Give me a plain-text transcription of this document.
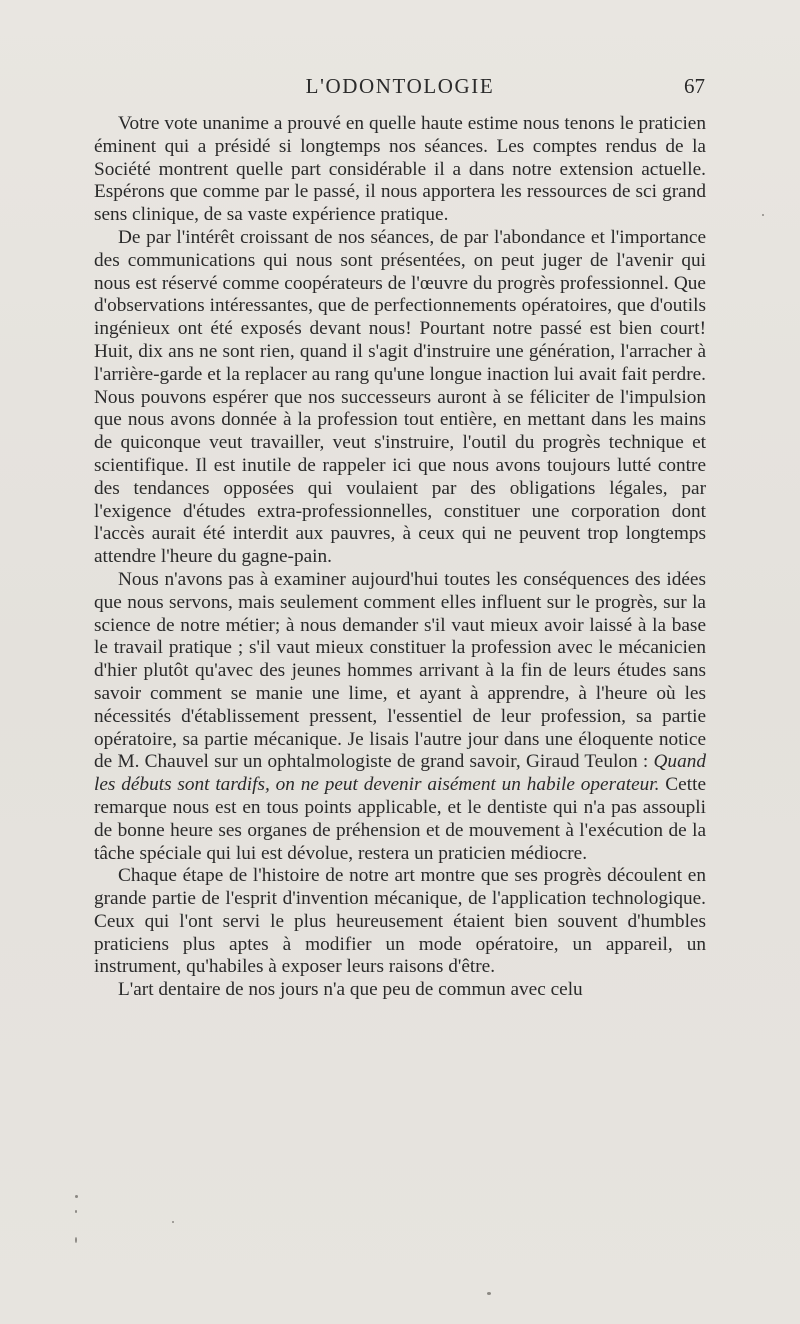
L'ODONTOLOGIE	67

Votre vote unanime a prouvé en quelle haute estime nous tenons le praticien éminent qui a présidé si longtemps nos séances. Les comptes rendus de la Société montrent quelle part considérable il a dans notre extension actuelle. Espérons que comme par le passé, il nous apportera les ressources de sci grand sens clinique, de sa vaste expérience pratique.

De par l'intérêt croissant de nos séances, de par l'abondance et l'importance des communications qui nous sont présentées, on peut juger de l'avenir qui nous est réservé comme coopérateurs de l'œuvre du progrès professionnel. Que d'observations intéressantes, que de perfectionnements opératoires, que d'outils ingénieux ont été exposés devant nous! Pourtant notre passé est bien court! Huit, dix ans ne sont rien, quand il s'agit d'instruire une génération, l'arracher à l'arrière-garde et la replacer au rang qu'une longue inaction lui avait fait perdre. Nous pouvons espérer que nos successeurs auront à se féliciter de l'impulsion que nous avons donnée à la profession tout entière, en mettant dans les mains de quiconque veut travailler, veut s'instruire, l'outil du progrès technique et scientifique. Il est inutile de rappeler ici que nous avons toujours lutté contre des tendances opposées qui voulaient par des obligations légales, par l'exigence d'études extra-professionnelles, constituer une corporation dont l'accès aurait été interdit aux pauvres, à ceux qui ne peuvent trop longtemps attendre l'heure du gagne-pain.

Nous n'avons pas à examiner aujourd'hui toutes les conséquences des idées que nous servons, mais seulement comment elles influent sur le progrès, sur la science de notre métier; à nous demander s'il vaut mieux avoir laissé à la base le travail pratique ; s'il vaut mieux constituer la profession avec le mécanicien d'hier plutôt qu'avec des jeunes hommes arrivant à la fin de leurs études sans savoir comment se manie une lime, et ayant à apprendre, à l'heure où les nécessités d'établissement pressent, l'essentiel de leur profession, sa partie opératoire, sa partie mécanique. Je lisais l'autre jour dans une éloquente notice de M. Chauvel sur un ophtalmologiste de grand savoir, Giraud Teulon : Quand les débuts sont tardifs, on ne peut devenir aisément un habile operateur. Cette remarque nous est en tous points applicable, et le dentiste qui n'a pas assoupli de bonne heure ses organes de préhension et de mouvement à l'exécution de la tâche spéciale qui lui est dévolue, restera un praticien médiocre.

Chaque étape de l'histoire de notre art montre que ses progrès découlent en grande partie de l'esprit d'invention mécanique, de l'application technologique. Ceux qui l'ont servi le plus heureusement étaient bien souvent d'humbles praticiens plus aptes à modifier un mode opératoire, un appareil, un instrument, qu'habiles à exposer leurs raisons d'être.

L'art dentaire de nos jours n'a que peu de commun avec celu
